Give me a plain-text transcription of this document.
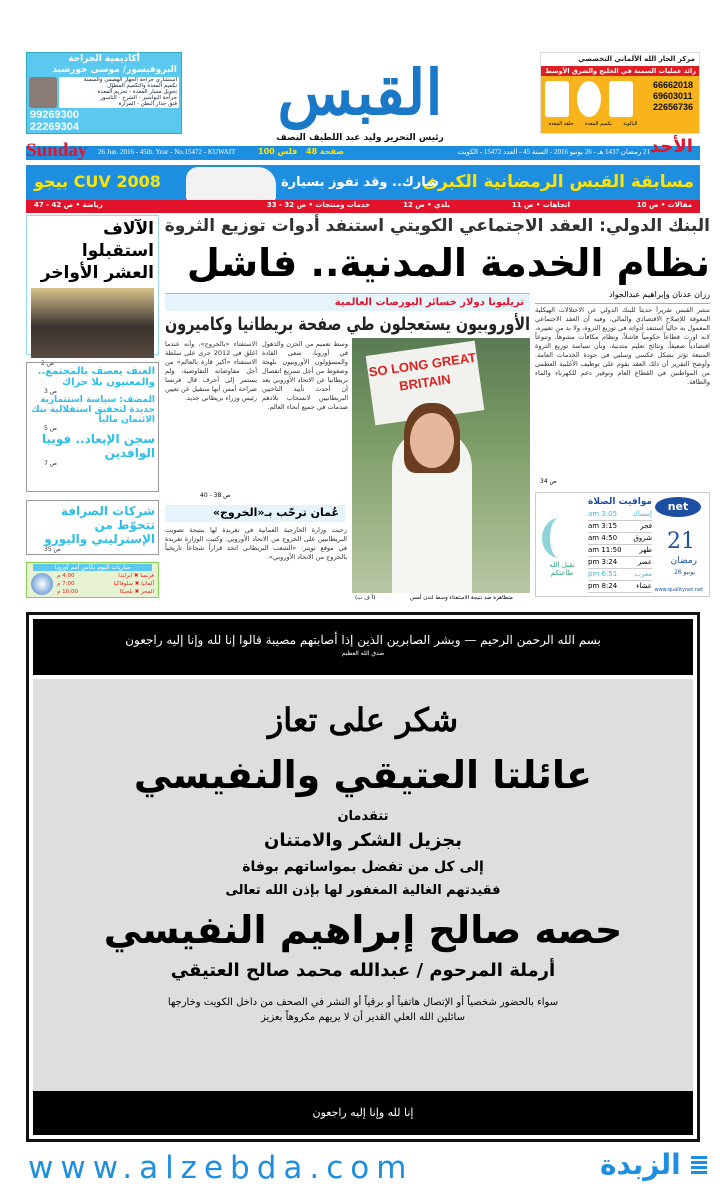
أكاديمية الجراحة
البروفيسور/ موسى خورشيد
استشاري جراحة الجهاز الهضمي والسمنة
تكميم المعدة والتكميم المطوّل
تحويل مسار المعدة - تحزيم المعدة
جراحة البواسير - الشرخ - الناسور
فتق جدار البطن - المرارة
99269300
22269304	القبس	مركز الجار الله الألماني التخصصي
رائد عمليات السمنة في الخليج والشرق الأوسط
66662018
69603011
22656736
البالونة
تكميم المعدة
حلقة المعدة
رئيس التحرير وليد عبد اللطيف النصف
26 Jun. 2016 - 45th. Year - No.15472 - KUWAIT	100 فلس 48 صفحة	21 رمضان 1437 هـ - 26 يونيو 2016 - السنة 45 - العدد 15472 - الكويت
Sunday	الأحد
مسابقة القبس الرمضانية الكبرى
شارك.. وقد تفوز بسيارة
بيجو CUV 2008
مقالات • ص 10
اتجاهات • ص 11
بلدي • ص 12
خدمات ومنتجات • ص 32 - 33
رياضة • ص 42 - 47
البنك الدولي: العقد الاجتماعي الكويتي استنفد أدوات توزيع الثروة
نظام الخدمة المدنية.. فاشل
رزان عدنان وإبراهيم عبدالجواد
تنشر القبس تقريراً حديثاً للبنك الدولي عن الاختلالات الهيكلية المعوقة للإصلاح الاقتصادي والمالي، وفيه أن العقد الاجتماعي المعمول به حالياً استنفد أدواته في توزيع الثروة، ولا بد من تغييره، لانه اورث قطاعاً حكومياً فاشلاً، ونظام مكافآت مشوهاً، وتنوعاً اقتصادياً ضعيفاً، ونتائج تعليم متدنية، وبأن سياسة توزيع الثروة المتبعة تؤثر بشكل عكسي وسلبي في جودة الخدمات العامة. وأوضح التقرير أن ذلك العقد يقوم على توظيف الأغلبية العظمى من المواطنين في القطاع العام وتوفير دعم للكهرباء والماء والطاقة.
ص 34
تريليونا دولار خسائر البورصات العالمية
SO LONG GREAT BRITAIN
الأوروبيون يستعجلون طي صفحة بريطانيا وكاميرون
متظاهرة ضد نتيجة الاستفتاء وسط لندن أمس
(أ ف ب)
وسط تعميم من الحزن والذهول في أوروبا، سعى القادة والمسؤولون الأوروبيون بلهجة وضغوط من أجل تسريع انفصال بريطانيا عن الاتحاد الأوروبي بعد أن أحدث تأييد الناخبين البريطانيين لانسحاب بلادهم صدمات في جميع أنحاء العالم.
الاستفتاء «بالخروج»، وأنه عندما اغلق في 2012 جرى على سلطة الاستفتاء «أكبر قارة بالعالم» من أجل مفاوضاته التفاوضية، ولم يستمر إلى أحرف قال فرنسا صراحة أمس أنها ستقيل عن تعيين رئيس وزراء بريطاني جديد.
ص 38 - 40
عُمان ترحّب بـ«الخروج»
رحبت وزارة الخارجية العمانية في تغريدة لها بنتيجة تصويت البريطانيين على الخروج من الاتحاد الأوروبي. وكتبت الوزارة تغريدة في موقع تويتر: «الشعب البريطاني اتخذ قراراً شجاعاً تاريخياً بالخروج من الاتحاد الأوروبي».
الآلاف استقبلوا العشر الأواخر
ص 2
العنف يعصف بالمجتمع.. والمعنيون بلا حراك
ص 3
المضف: سياسة استثمارية جديدة لتحقيق استقلالية بنك الائتمان مالياً
ص 5
سجن الإبعاد.. فوبيا الوافدين
ص 7
شركات الصرافة تتحوّط من الإسترليني واليورو
ص 35
مباريات اليوم بكأس أمم أوروبا
فرنسا ✖ ايرلندا
4:00 م
ألمانيا ✖ سلوفاكيا
7:00 م
المجر ✖ بلجيكا
10:00 م
net
مواقيت الصلاة
21
رمضان
26 يونيو
www.qualitynet.net
تقبل الله طاعتكم
إمساك
3:05 am
فجر
3:15 am
شروق
4:50 am
ظهر
11:50 am
عصر
3:24 pm
مغرب
6:51 pm
عشاء
8:24 pm
بسم الله الرحمن الرحيم — وبشر الصابرين الذين إذا أصابتهم مصيبة قالوا إنا لله وإنا إليه راجعون
صدق الله العظيم
شكر على تعاز
عائلتا العتيقي والنفيسي
تتقدمان
بجزيل الشكر والامتنان
إلى كل من تفضل بمواساتهم بوفاة
فقيدتهم الغالية المغفور لها بإذن الله تعالى
حصه صالح إبراهيم النفيسي
أرملة المرحوم / عبدالله محمد صالح العتيقي
سواء بالحضور شخصياً أو الإتصال هاتفياً أو برقياً أو النشر في الصحف من داخل الكويت وخارجها
سائلين الله العلي القدير أن لا يريهم مكروهاً بعزيز
إنا لله وإنا إليه راجعون
www.alzebda.com	الزبدة
